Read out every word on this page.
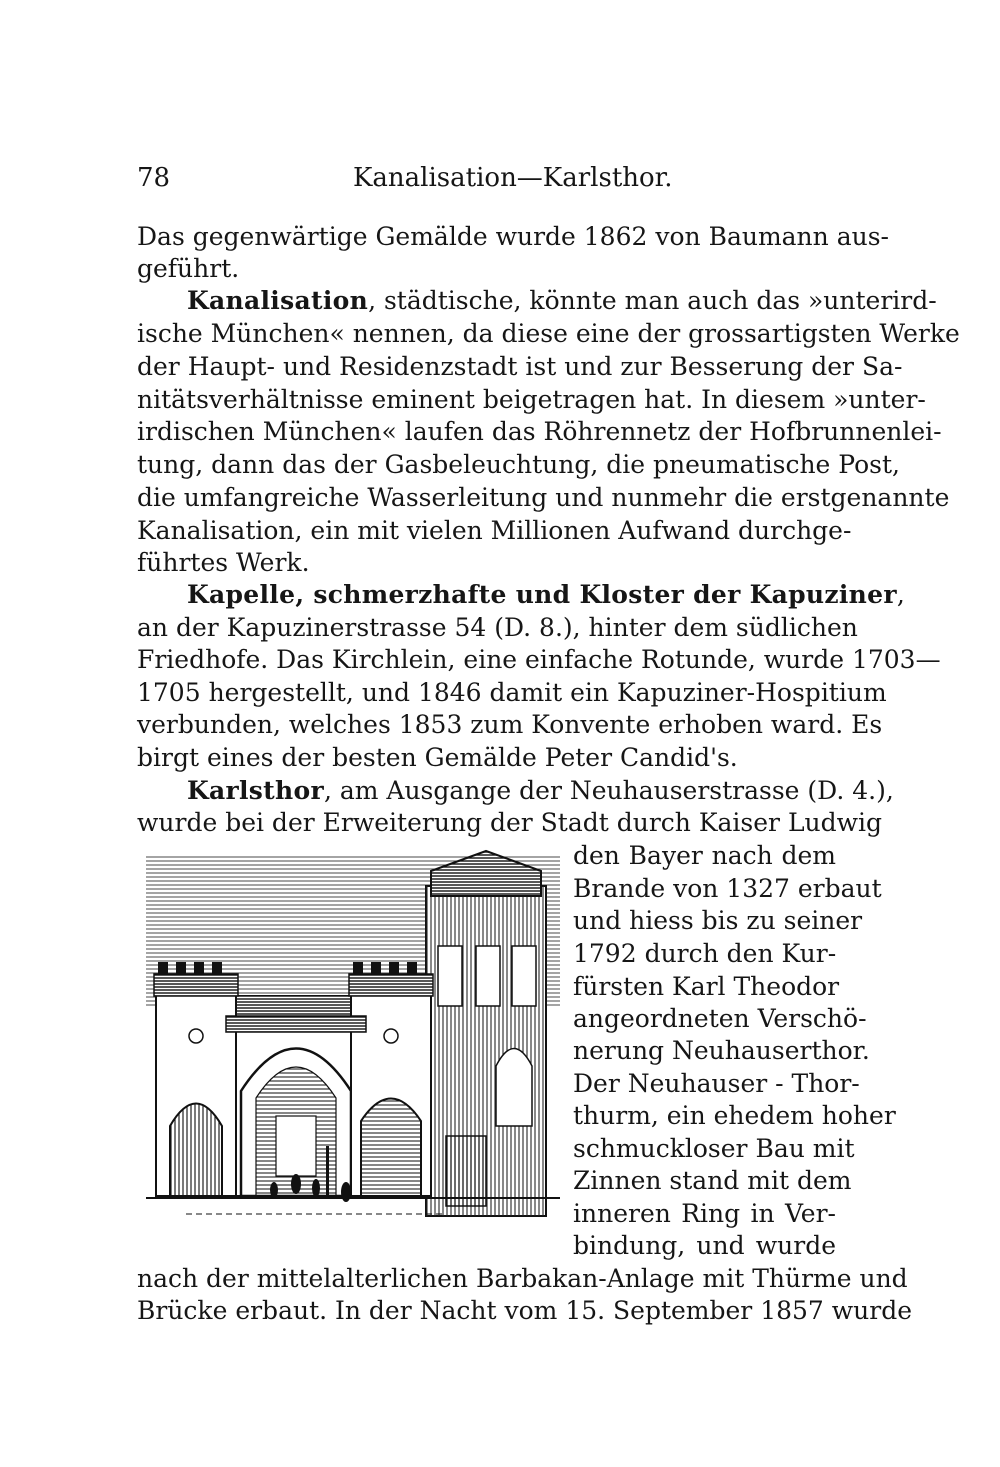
78	Kanalisation—Karlsthor.
Das gegenwärtige Gemälde wurde 1862 von Baumann aus-
geführt.
Kanalisation, städtische, könnte man auch das »unterird-
ische München« nennen, da diese eine der grossartigsten Werke
der Haupt- und Residenzstadt ist und zur Besserung der Sa-
nitätsverhältnisse eminent beigetragen hat. In diesem »unter-
irdischen München« laufen das Röhrennetz der Hofbrunnenlei-
tung, dann das der Gasbeleuchtung, die pneumatische Post,
die umfangreiche Wasserleitung und nunmehr die erstgenannte
Kanalisation, ein mit vielen Millionen Aufwand durchge-
führtes Werk.
Kapelle, schmerzhafte und Kloster der Kapuziner,
an der Kapuzinerstrasse 54 (D. 8.), hinter dem südlichen
Friedhofe. Das Kirchlein, eine einfache Rotunde, wurde 1703—
1705 hergestellt, und 1846 damit ein Kapuziner-Hospitium
verbunden, welches 1853 zum Konvente erhoben ward. Es
birgt eines der besten Gemälde Peter Candid's.
Karlsthor, am Ausgange der Neuhauserstrasse (D. 4.),
wurde bei der Erweiterung der Stadt durch Kaiser Ludwig
den Bayer nach dem
Brande von 1327 erbaut
und hiess bis zu seiner
1792 durch den Kur-
fürsten Karl Theodor
angeordneten Verschö-
nerung Neuhauserthor.
Der Neuhauser - Thor-
thurm, ein ehedem hoher
schmuckloser Bau mit
Zinnen stand mit dem
inneren Ring in Ver-
bindung, und wurde
nach der mittelalterlichen Barbakan-Anlage mit Thürme und
Brücke erbaut. In der Nacht vom 15. September 1857 wurde
